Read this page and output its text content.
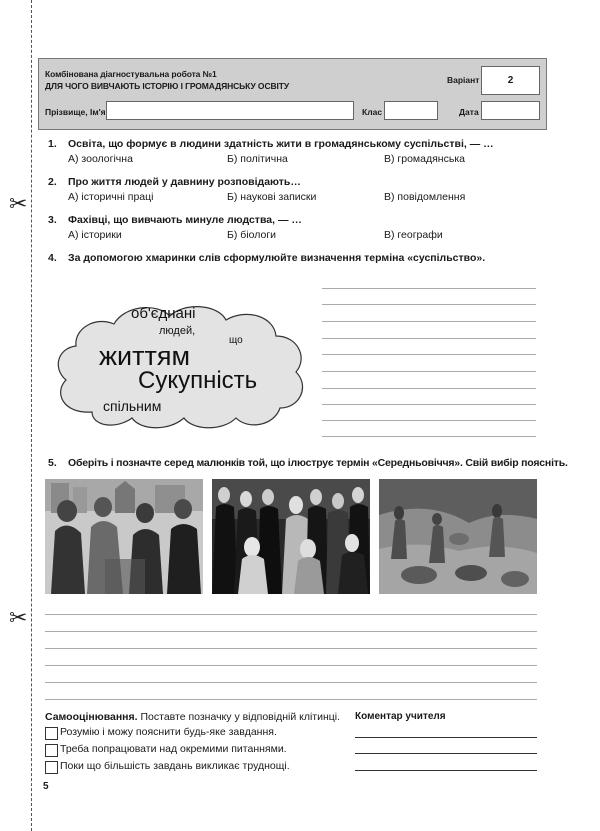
✂
✂
Комбінована діагностувальна робота №1
ДЛЯ ЧОГО ВИВЧАЮТЬ ІСТОРІЮ І ГРОМАДЯНСЬКУ ОСВІТУ
Варіант	2
Прізвище, Ім'я	Клас	Дата
1. Освіта, що формує в людини здатність жити в громадянському суспільстві, — …
А) зоологічна	Б) політична	В) громадянська
2. Про життя людей у давнину розповідають…
А) історичні праці	Б) наукові записки	В) повідомлення
3. Фахівці, що вивчають минуле людства, — …
А) історики	Б) біологи	В) географи
4. За допомогою хмаринки слів сформулюйте визначення терміна «суспільство».
об'єднані
людей,
що
життям
Сукупність
спільним
5. Оберіть і позначте серед малюнків той, що ілюструє термін «Середньовіччя». Свій вибір поясніть.
Самооцінювання. Поставте позначку у відповідній клітинці.
Розумію і можу пояснити будь-яке завдання.
Треба попрацювати над окремими питаннями.
Поки що більшість завдань викликає труднощі.
Коментар учителя
5
